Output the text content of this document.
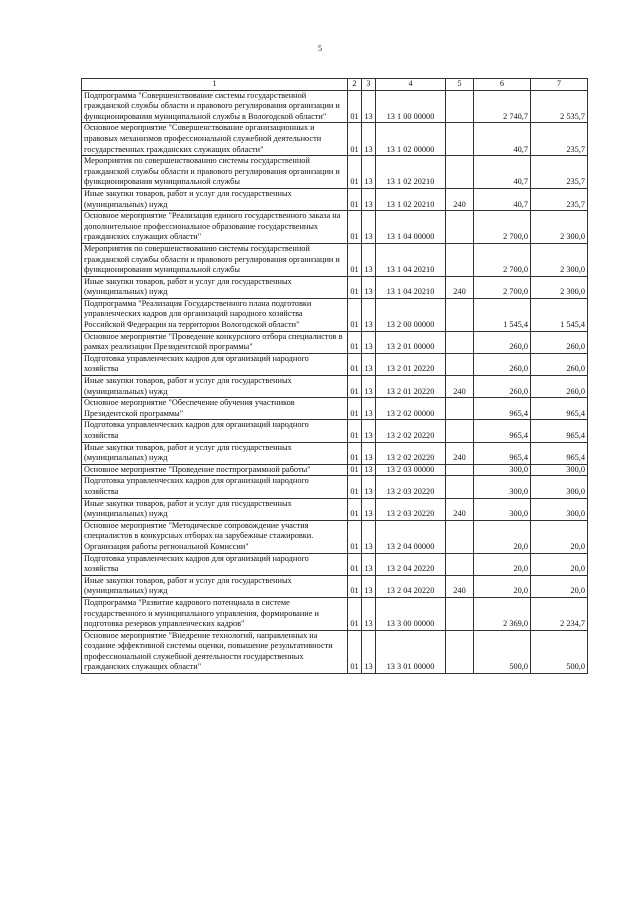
5
1	2	3	4	5	6	7
Подпрограмма "Совершенствование системы государственной гражданской службы области и правового регулирования организации и функционирования муниципальной службы в Вологодской области"	01	13	13 1 00 00000		2 740,7	2 535,7
Основное мероприятие "Совершенствование организационных и правовых механизмов профессиональной служебной деятельности государственных гражданских служащих области"	01	13	13 1 02 00000		40,7	235,7
Мероприятия по совершенствованию системы государственной гражданской службы области и правового регулирования организации и функционирования муниципальной службы	01	13	13 1 02 20210		40,7	235,7
Иные закупки товаров, работ и услуг для государственных (муниципальных) нужд	01	13	13 1 02 20210	240	40,7	235,7
Основное мероприятие "Реализация единого государственного заказа на дополнительное профессиональное образование государственных гражданских служащих области"	01	13	13 1 04 00000		2 700,0	2 300,0
Мероприятия по совершенствованию системы государственной гражданской службы области и правового регулирования организации и функционирования муниципальной службы	01	13	13 1 04 20210		2 700,0	2 300,0
Иные закупки товаров, работ и услуг для государственных (муниципальных) нужд	01	13	13 1 04 20210	240	2 700,0	2 300,0
Подпрограмма "Реализация Государственного плана подготовки управленческих кадров для организаций народного хозяйства Российской Федерации на территории Вологодской области"	01	13	13 2 00 00000		1 545,4	1 545,4
Основное мероприятие "Проведение конкурсного отбора специалистов в рамках реализации Президентской программы"	01	13	13 2 01 00000		260,0	260,0
Подготовка управленческих кадров для организаций народного хозяйства	01	13	13 2 01 20220		260,0	260,0
Иные закупки товаров, работ и услуг для государственных (муниципальных) нужд	01	13	13 2 01 20220	240	260,0	260,0
Основное мероприятие "Обеспечение обучения участников Президентской программы"	01	13	13 2 02 00000		965,4	965,4
Подготовка управленческих кадров для организаций народного хозяйства	01	13	13 2 02 20220		965,4	965,4
Иные закупки товаров, работ и услуг для государственных (муниципальных) нужд	01	13	13 2 02 20220	240	965,4	965,4
Основное мероприятие "Проведение постпрограммной работы"	01	13	13 2 03 00000		300,0	300,0
Подготовка управленческих кадров для организаций народного хозяйства	01	13	13 2 03 20220		300,0	300,0
Иные закупки товаров, работ и услуг для государственных (муниципальных) нужд	01	13	13 2 03 20220	240	300,0	300,0
Основное мероприятие "Методическое сопровождение участия специалистов в конкурсных отборах на зарубежные стажировки. Организация работы региональной Комиссии"	01	13	13 2 04 00000		20,0	20,0
Подготовка управленческих кадров для организаций народного хозяйства	01	13	13 2 04 20220		20,0	20,0
Иные закупки товаров, работ и услуг для государственных (муниципальных) нужд	01	13	13 2 04 20220	240	20,0	20,0
Подпрограмма "Развитие кадрового потенциала в системе государственного и муниципального управления, формирование и подготовка резервов управленческих кадров"	01	13	13 3 00 00000		2 369,0	2 234,7
Основное мероприятие "Внедрение технологий, направленных на создание эффективной системы оценки, повышение результативности профессиональной служебной деятельности государственных гражданских служащих области"	01	13	13 3 01 00000		500,0	500,0
